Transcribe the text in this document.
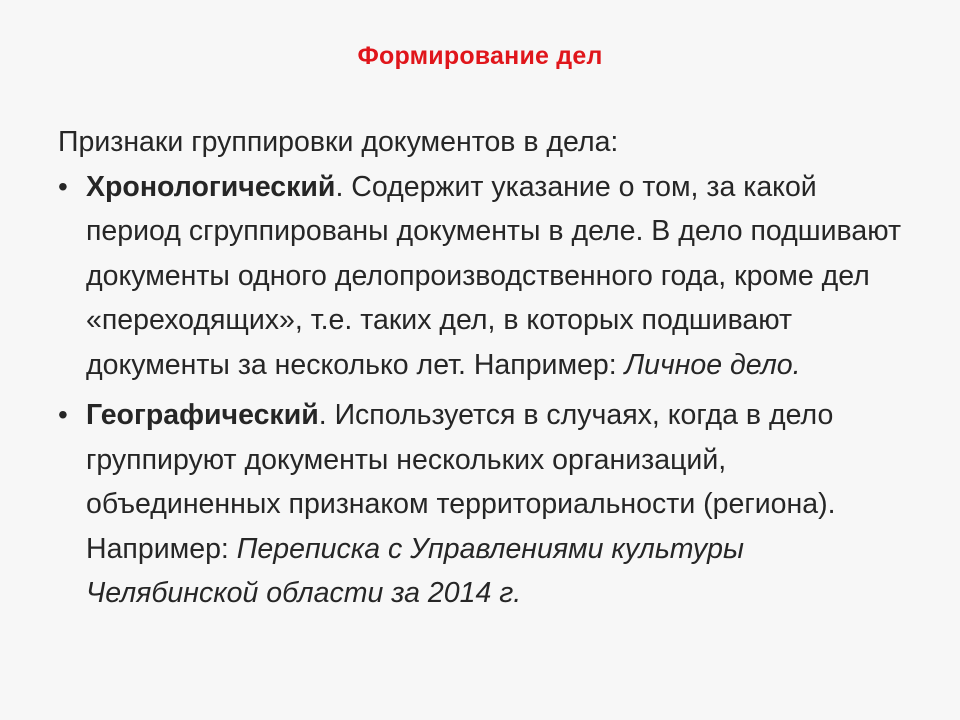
Формирование дел
Признаки группировки документов в дела:
• Хронологический. Содержит указание о том, за какой период сгруппированы документы в деле. В дело подшивают документы одного делопроизводственного года, кроме дел «переходящих», т.е. таких дел, в которых подшивают документы за несколько лет. Например: Личное дело.
• Географический. Используется в случаях, когда в дело группируют документы нескольких организаций, объединенных признаком территориальности (региона). Например: Переписка с Управлениями культуры Челябинской области за 2014 г.
